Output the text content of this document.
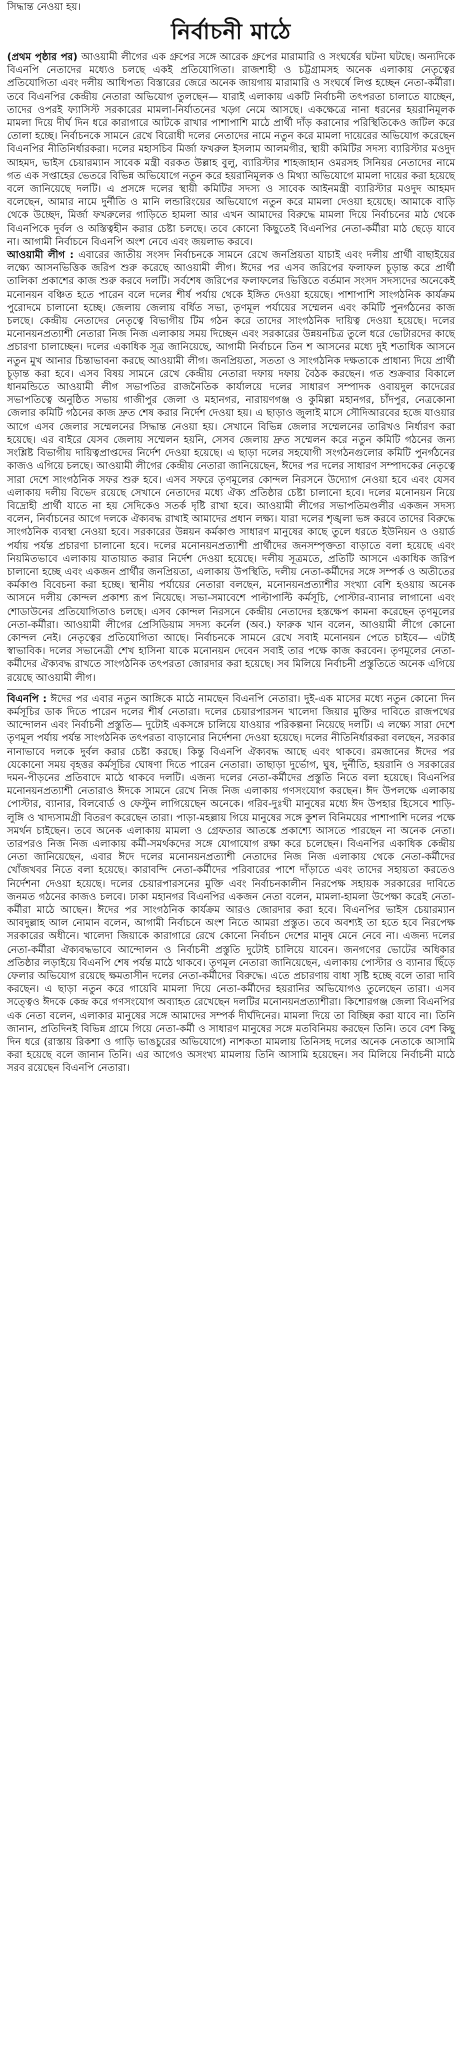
সিদ্ধান্ত নেওয়া হয়।
নির্বাচনী মাঠে

(প্রথম পৃষ্ঠার পর) আওয়ামী লীগের এক গ্রুপের সঙ্গে আরেক গ্রুপের মারামারি ও সংঘর্ষের ঘটনা ঘটছে। অন্যদিকে বিএনপি নেতাদের মধ্যেও চলছে একই প্রতিযোগিতা। রাজশাহী ও চট্টগ্রামসহ অনেক এলাকায় নেতৃত্বের প্রতিযোগিতা এবং দলীয় আধিপত্য বিস্তারের জেরে অনেক জায়গায় মারামারি ও সংঘর্ষে লিপ্ত হচ্ছেন নেতা-কর্মীরা। তবে বিএনপির কেন্দ্রীয় নেতারা অভিযোগ তুলছেন— যারাই এলাকায় একটি নির্বাচনী তৎপরতা চালাতে যাচ্ছেন, তাদের ওপরই ফ্যাসিস্ট সরকারের মামলা-নির্যাতনের খড়্গ নেমে আসছে। একক্ষেত্রে নানা ধরনের হয়রানিমূলক মামলা দিয়ে দীর্ঘ দিন ধরে কারাগারে আটকে রাখার পাশাপাশি মাঠে প্রার্থী দাঁড় করানোর পরিস্থিতিকেও জটিল করে তোলা হচ্ছে। নির্বাচনকে সামনে রেখে বিরোধী দলের নেতাদের নামে নতুন করে মামলা দায়েরের অভিযোগ করেছেন বিএনপির নীতিনির্ধারকরা। দলের মহাসচিব মির্জা ফখরুল ইসলাম আলমগীর, স্থায়ী কমিটির সদস্য ব্যারিস্টার মওদুদ আহমদ, ভাইস চেয়ারম্যান সাবেক মন্ত্রী বরকত উল্লাহ বুলু, ব্যারিস্টার শাহজাহান ওমরসহ সিনিয়র নেতাদের নামে গত এক সপ্তাহের ভেতরে বিভিন্ন অভিযোগে নতুন করে হয়রানিমূলক ও মিথ্যা অভিযোগে মামলা দায়ের করা হয়েছে বলে জানিয়েছে দলটি। এ প্রসঙ্গে দলের স্থায়ী কমিটির সদস্য ও সাবেক আইনমন্ত্রী ব্যারিস্টার মওদুদ আহমদ বলেছেন, আমার নামে দুর্নীতি ও মানি লন্ডারিংয়ের অভিযোগে নতুন করে মামলা দেওয়া হয়েছে। আমাকে বাড়ি থেকে উচ্ছেদ, মির্জা ফখরুলের গাড়িতে হামলা আর এখন আমাদের বিরুদ্ধে মামলা দিয়ে নির্বাচনের মাঠ থেকে বিএনপিকে দুর্বল ও অস্তিত্বহীন করার চেষ্টা চলছে। তবে কোনো কিছুতেই বিএনপির নেতা-কর্মীরা মাঠ ছেড়ে যাবে না। আগামী নির্বাচনে বিএনপি অংশ নেবে এবং জয়লাভ করবে।

আওয়ামী লীগ : এবারের জাতীয় সংসদ নির্বাচনকে সামনে রেখে জনপ্রিয়তা যাচাই এবং দলীয় প্রার্থী বাছাইয়ের লক্ষ্যে আসনভিত্তিক জরিপ শুরু করেছে আওয়ামী লীগ। ঈদের পর এসব জরিপের ফলাফল চূড়ান্ত করে প্রার্থী তালিকা প্রকাশের কাজ শুরু করবে দলটি। সর্বশেষ জরিপের ফলাফলের ভিত্তিতে বর্তমান সংসদ সদস্যদের অনেকেই মনোনয়ন বঞ্চিত হতে পারেন বলে দলের শীর্ষ পর্যায় থেকে ইঙ্গিত দেওয়া হয়েছে। পাশাপাশি সাংগঠনিক কার্যক্রম পুরোদমে চালানো হচ্ছে। জেলায় জেলায় বর্ধিত সভা, তৃণমূল পর্যায়ের সম্মেলন এবং কমিটি পুনর্গঠনের কাজ চলছে। কেন্দ্রীয় নেতাদের নেতৃত্বে বিভাগীয় টিম গঠন করে তাদের সাংগঠনিক দায়িত্ব দেওয়া হয়েছে। দলের মনোনয়নপ্রত্যাশী নেতারা নিজ নিজ এলাকায় সময় দিচ্ছেন এবং সরকারের উন্নয়নচিত্র তুলে ধরে ভোটারদের কাছে প্রচারণা চালাচ্ছেন। দলের একাধিক সূত্র জানিয়েছে, আগামী নির্বাচনে তিন শ আসনের মধ্যে দুই শতাধিক আসনে নতুন মুখ আনার চিন্তাভাবনা করছে আওয়ামী লীগ। জনপ্রিয়তা, সততা ও সাংগঠনিক দক্ষতাকে প্রাধান্য দিয়ে প্রার্থী চূড়ান্ত করা হবে। এসব বিষয় সামনে রেখে কেন্দ্রীয় নেতারা দফায় দফায় বৈঠক করছেন। গত শুক্রবার বিকালে ধানমন্ডিতে আওয়ামী লীগ সভাপতির রাজনৈতিক কার্যালয়ে দলের সাধারণ সম্পাদক ওবায়দুল কাদেরের সভাপতিত্বে অনুষ্ঠিত সভায় গাজীপুর জেলা ও মহানগর, নারায়ণগঞ্জ ও কুমিল্লা মহানগর, চাঁদপুর, নেত্রকোনা জেলার কমিটি গঠনের কাজ দ্রুত শেষ করার নির্দেশ দেওয়া হয়। এ ছাড়াও জুলাই মাসে সৌদিআরবের হজে যাওয়ার আগে এসব জেলার সম্মেলনের সিদ্ধান্ত নেওয়া হয়। সেখানে বিভিন্ন জেলার সম্মেলনের তারিখও নির্ধারণ করা হয়েছে। এর বাইরে যেসব জেলায় সম্মেলন হয়নি, সেসব জেলায় দ্রুত সম্মেলন করে নতুন কমিটি গঠনের জন্য সংশ্লিষ্ট বিভাগীয় দায়িত্বপ্রাপ্তদের নির্দেশ দেওয়া হয়েছে। এ ছাড়া দলের সহযোগী সংগঠনগুলোর কমিটি পুনর্গঠনের কাজও এগিয়ে চলছে। আওয়ামী লীগের কেন্দ্রীয় নেতারা জানিয়েছেন, ঈদের পর দলের সাধারণ সম্পাদকের নেতৃত্বে সারা দেশে সাংগঠনিক সফর শুরু হবে। এসব সফরে তৃণমূলের কোন্দল নিরসনে উদ্যোগ নেওয়া হবে এবং যেসব এলাকায় দলীয় বিভেদ রয়েছে সেখানে নেতাদের মধ্যে ঐক্য প্রতিষ্ঠার চেষ্টা চালানো হবে। দলের মনোনয়ন নিয়ে বিদ্রোহী প্রার্থী যাতে না হয় সেদিকেও সতর্ক দৃষ্টি রাখা হবে। আওয়ামী লীগের সভাপতিমণ্ডলীর একজন সদস্য বলেন, নির্বাচনের আগে দলকে ঐক্যবদ্ধ রাখাই আমাদের প্রধান লক্ষ্য। যারা দলের শৃঙ্খলা ভঙ্গ করবে তাদের বিরুদ্ধে সাংগঠনিক ব্যবস্থা নেওয়া হবে। সরকারের উন্নয়ন কর্মকাণ্ড সাধারণ মানুষের কাছে তুলে ধরতে ইউনিয়ন ও ওয়ার্ড পর্যায় পর্যন্ত প্রচারণা চালানো হবে। দলের মনোনয়নপ্রত্যাশী প্রার্থীদের জনসম্পৃক্ততা বাড়াতে বলা হয়েছে এবং নিয়মিতভাবে এলাকায় যাতায়াত করার নির্দেশ দেওয়া হয়েছে। দলীয় সূত্রমতে, প্রতিটি আসনে একাধিক জরিপ চালানো হচ্ছে এবং একজন প্রার্থীর জনপ্রিয়তা, এলাকায় উপস্থিতি, দলীয় নেতা-কর্মীদের সঙ্গে সম্পর্ক ও অতীতের কর্মকাণ্ড বিবেচনা করা হচ্ছে। স্থানীয় পর্যায়ের নেতারা বলছেন, মনোনয়নপ্রত্যাশীর সংখ্যা বেশি হওয়ায় অনেক আসনে দলীয় কোন্দল প্রকাশ্য রূপ নিয়েছে। সভা-সমাবেশে পাল্টাপাল্টি কর্মসূচি, পোস্টার-ব্যানার লাগানো এবং শোডাউনের প্রতিযোগিতাও চলছে। এসব কোন্দল নিরসনে কেন্দ্রীয় নেতাদের হস্তক্ষেপ কামনা করেছেন তৃণমূলের নেতা-কর্মীরা। আওয়ামী লীগের প্রেসিডিয়াম সদস্য কর্নেল (অব.) ফারুক খান বলেন, আওয়ামী লীগে কোনো কোন্দল নেই। নেতৃত্বের প্রতিযোগিতা আছে। নির্বাচনকে সামনে রেখে সবাই মনোনয়ন পেতে চাইবে— এটাই স্বাভাবিক। দলের সভানেত্রী শেখ হাসিনা যাকে মনোনয়ন দেবেন সবাই তার পক্ষে কাজ করবেন। তৃণমূলের নেতা-কর্মীদের ঐক্যবদ্ধ রাখতে সাংগঠনিক তৎপরতা জোরদার করা হয়েছে। সব মিলিয়ে নির্বাচনী প্রস্তুতিতে অনেক এগিয়ে রয়েছে আওয়ামী লীগ।

বিএনপি : ঈদের পর এবার নতুন আঙ্গিকে মাঠে নামছেন বিএনপি নেতারা। দুই-এক মাসের মধ্যে নতুন কোনো দিন কর্মসূচির ডাক দিতে পারেন দলের শীর্ষ নেতারা। দলের চেয়ারপারসন খালেদা জিয়ার মুক্তির দাবিতে রাজপথের আন্দোলন এবং নির্বাচনী প্রস্তুতি— দুটোই একসঙ্গে চালিয়ে যাওয়ার পরিকল্পনা নিয়েছে দলটি। এ লক্ষ্যে সারা দেশে তৃণমূল পর্যায় পর্যন্ত সাংগঠনিক তৎপরতা বাড়ানোর নির্দেশনা দেওয়া হয়েছে। দলের নীতিনির্ধারকরা বলছেন, সরকার নানাভাবে দলকে দুর্বল করার চেষ্টা করছে। কিন্তু বিএনপি ঐক্যবদ্ধ আছে এবং থাকবে। রমজানের ঈদের পর যেকোনো সময় বৃহত্তর কর্মসূচির ঘোষণা দিতে পারেন নেতারা। তাছাড়া দুর্ভোগ, ঘুষ, দুর্নীতি, হয়রানি ও সরকারের দমন-পীড়নের প্রতিবাদে মাঠে থাকবে দলটি। এজন্য দলের নেতা-কর্মীদের প্রস্তুতি নিতে বলা হয়েছে। বিএনপির মনোনয়নপ্রত্যাশী নেতারাও ঈদকে সামনে রেখে নিজ নিজ এলাকায় গণসংযোগ করছেন। ঈদ উপলক্ষে এলাকায় পোস্টার, ব্যানার, বিলবোর্ড ও ফেস্টুন লাগিয়েছেন অনেকে। গরিব-দুঃখী মানুষের মধ্যে ঈদ উপহার হিসেবে শাড়ি-লুঙ্গি ও খাদ্যসামগ্রী বিতরণ করেছেন তারা। পাড়া-মহল্লায় গিয়ে মানুষের সঙ্গে কুশল বিনিময়ের পাশাপাশি দলের পক্ষে সমর্থন চাইছেন। তবে অনেক এলাকায় মামলা ও গ্রেফতার আতঙ্কে প্রকাশ্যে আসতে পারছেন না অনেক নেতা। তারপরও নিজ নিজ এলাকায় কর্মী-সমর্থকদের সঙ্গে যোগাযোগ রক্ষা করে চলেছেন। বিএনপির একাধিক কেন্দ্রীয় নেতা জানিয়েছেন, এবার ঈদে দলের মনোনয়নপ্রত্যাশী নেতাদের নিজ নিজ এলাকায় থেকে নেতা-কর্মীদের খোঁজখবর নিতে বলা হয়েছে। কারাবন্দি নেতা-কর্মীদের পরিবারের পাশে দাঁড়াতে এবং তাদের সহায়তা করতেও নির্দেশনা দেওয়া হয়েছে। দলের চেয়ারপারসনের মুক্তি এবং নির্বাচনকালীন নিরপেক্ষ সহায়ক সরকারের দাবিতে জনমত গঠনের কাজও চলবে। ঢাকা মহানগর বিএনপির একজন নেতা বলেন, মামলা-হামলা উপেক্ষা করেই নেতা-কর্মীরা মাঠে আছেন। ঈদের পর সাংগঠনিক কার্যক্রম আরও জোরদার করা হবে। বিএনপির ভাইস চেয়ারম্যান আবদুল্লাহ আল নোমান বলেন, আগামী নির্বাচনে অংশ নিতে আমরা প্রস্তুত। তবে অবশ্যই তা হতে হবে নিরপেক্ষ সরকারের অধীনে। খালেদা জিয়াকে কারাগারে রেখে কোনো নির্বাচন দেশের মানুষ মেনে নেবে না। এজন্য দলের নেতা-কর্মীরা ঐক্যবদ্ধভাবে আন্দোলন ও নির্বাচনী প্রস্তুতি দুটোই চালিয়ে যাবেন। জনগণের ভোটের অধিকার প্রতিষ্ঠার লড়াইয়ে বিএনপি শেষ পর্যন্ত মাঠে থাকবে। তৃণমূল নেতারা জানিয়েছেন, এলাকায় পোস্টার ও ব্যানার ছিঁড়ে ফেলার অভিযোগ রয়েছে ক্ষমতাসীন দলের নেতা-কর্মীদের বিরুদ্ধে। এতে প্রচারণায় বাধা সৃষ্টি হচ্ছে বলে তারা দাবি করছেন। এ ছাড়া নতুন করে গায়েবি মামলা দিয়ে নেতা-কর্মীদের হয়রানির অভিযোগও তুলেছেন তারা। এসব সত্ত্বেও ঈদকে কেন্দ্র করে গণসংযোগ অব্যাহত রেখেছেন দলটির মনোনয়নপ্রত্যাশীরা। কিশোরগঞ্জ জেলা বিএনপির এক নেতা বলেন, এলাকার মানুষের সঙ্গে আমাদের সম্পর্ক দীর্ঘদিনের। মামলা দিয়ে তা বিচ্ছিন্ন করা যাবে না। তিনি জানান, প্রতিদিনই বিভিন্ন গ্রামে গিয়ে নেতা-কর্মী ও সাধারণ মানুষের সঙ্গে মতবিনিময় করছেন তিনি। তবে বেশ কিছু দিন ধরে (রাস্তায় রিকশা ও গাড়ি ভাঙচুরের অভিযোগে) নাশকতা মামলায় তিনিসহ দলের অনেক নেতাকে আসামি করা হয়েছে বলে জানান তিনি। এর আগেও অসংখ্য মামলায় তিনি আসামি হয়েছেন। সব মিলিয়ে নির্বাচনী মাঠে সরব রয়েছেন বিএনপি নেতারা।
